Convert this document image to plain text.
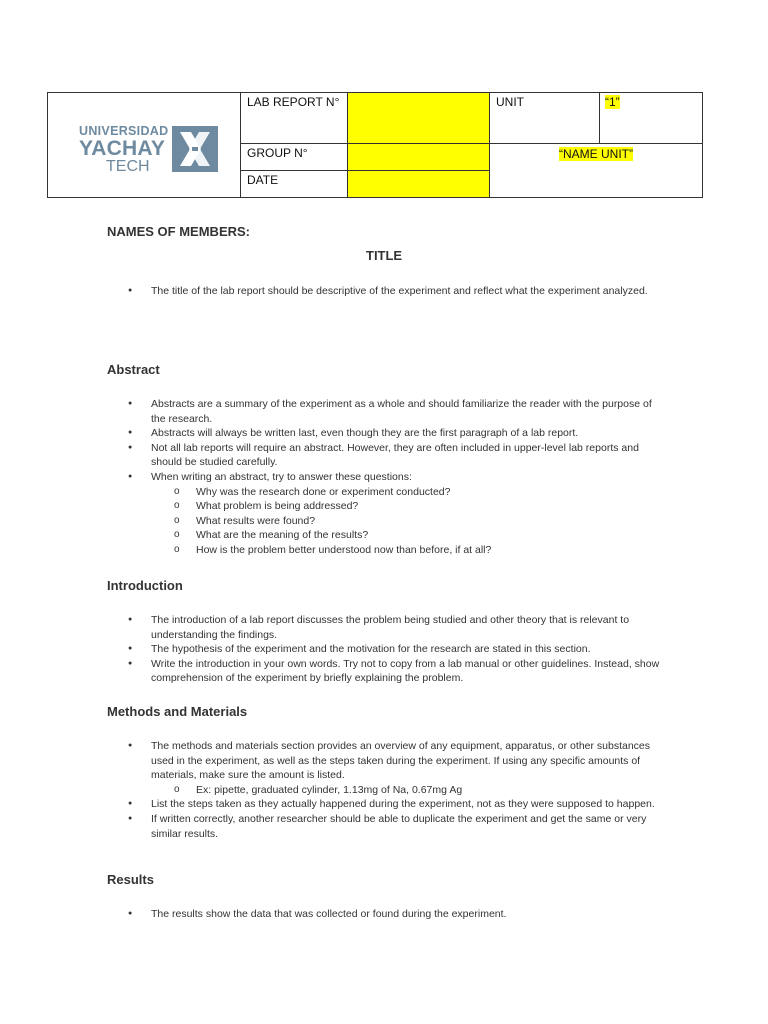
UNIVERSIDAD
YACHAY
TECH	LAB REPORT N°		UNIT	“1”
	GROUP N°		“NAME UNIT”	
	DATE			
NAMES OF MEMBERS:
TITLE
● The title of the lab report should be descriptive of the experiment and reflect what the experiment analyzed.
Abstract
● Abstracts are a summary of the experiment as a whole and should familiarize the reader with the purpose of the research.
● Abstracts will always be written last, even though they are the first paragraph of a lab report.
● Not all lab reports will require an abstract. However, they are often included in upper-level lab reports and should be studied carefully.
● When writing an abstract, try to answer these questions:
o Why was the research done or experiment conducted?
o What problem is being addressed?
o What results were found?
o What are the meaning of the results?
o How is the problem better understood now than before, if at all?
Introduction
● The introduction of a lab report discusses the problem being studied and other theory that is relevant to understanding the findings.
● The hypothesis of the experiment and the motivation for the research are stated in this section.
● Write the introduction in your own words. Try not to copy from a lab manual or other guidelines. Instead, show comprehension of the experiment by briefly explaining the problem.
Methods and Materials
● The methods and materials section provides an overview of any equipment, apparatus, or other substances used in the experiment, as well as the steps taken during the experiment. If using any specific amounts of materials, make sure the amount is listed.
o Ex: pipette, graduated cylinder, 1.13mg of Na, 0.67mg Ag
● List the steps taken as they actually happened during the experiment, not as they were supposed to happen.
● If written correctly, another researcher should be able to duplicate the experiment and get the same or very similar results.
Results
● The results show the data that was collected or found during the experiment.
